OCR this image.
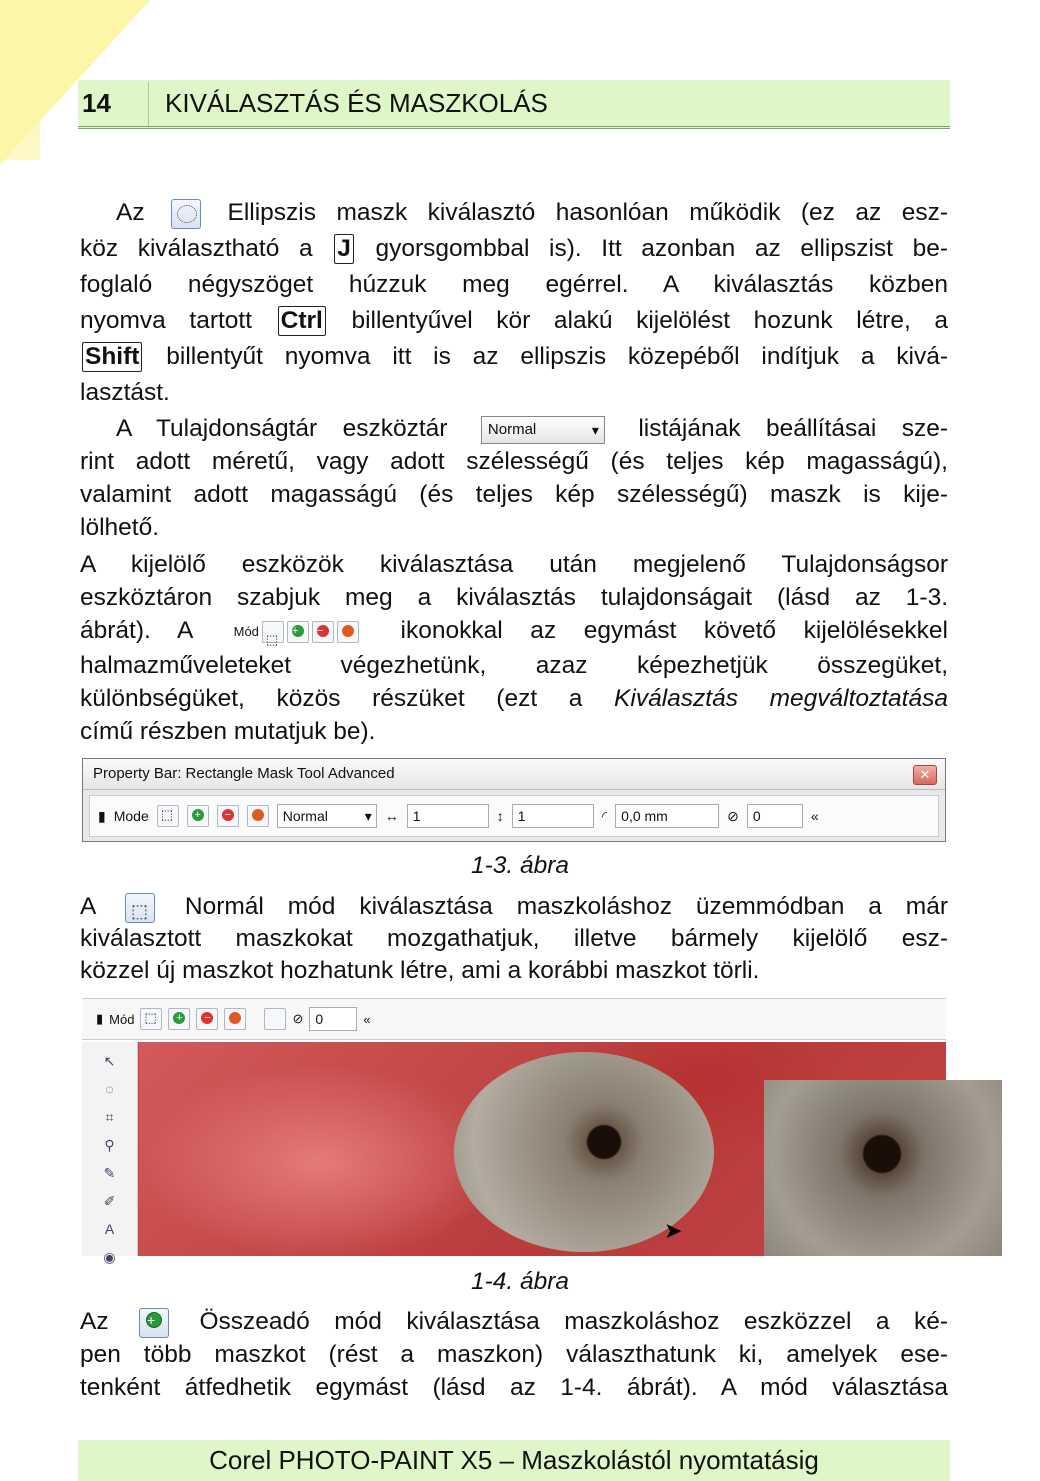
14 KIVÁLASZTÁS ÉS MASZKOLÁS
Az	Ellipszis maszk kiválasztó hasonlóan működik (ez az esz-
köz kiválasztható a J gyorsgombbal is). Itt azonban az ellipszist be-
foglaló négyszöget húzzuk meg egérrel. A kiválasztás közben
nyomva tartott Ctrl billentyűvel kör alakú kijelölést hozunk létre, a
Shift billentyűt nyomva itt is az ellipszis közepéből indítjuk a kivá-
lasztást.
A Tulajdonságtár eszköztár	Normal ▾	listájának beállításai sze-
rint adott méretű, vagy adott szélességű (és teljes kép magasságú),
valamint adott magasságú (és teljes kép szélességű) maszk is kije-
lölhető.
A kijelölő eszközök kiválasztása után megjelenő Tulajdonságsor
eszköztáron szabjuk meg a kiválasztás tulajdonságait (lásd az 1-3.
ábrát). A	Mód ⬚ + −	ikonokkal az egymást követő kijelölésekkel
halmazműveleteket végezhetünk, azaz képezhetjük összegüket,
különbségüket, közös részüket (ezt a Kiválasztás megváltoztatása
című részben mutatjuk be).
Property Bar: Rectangle Mask Tool Advanced	✕
▮ Mode ⬚ + −	Normal	▾ ↔	1	↕	1	◜	0,0 mm	⊘	0	«
1-3. ábra
A ⬚	Normál mód kiválasztása maszkoláshoz üzemmódban a már
kiválasztott maszkokat mozgathatjuk, illetve bármely kijelölő esz-
közzel új maszkot hozhatunk létre, ami a korábbi maszkot törli.
▮ Mód ⬚ + −	⊘ 0	«
↖
◌
⌗
⚲
✎
✐
A
◉
➤
1-4. ábra
Az +	Összeadó mód kiválasztása maszkoláshoz eszközzel a ké-
pen több maszkot (rést a maszkon) választhatunk ki, amelyek ese-
tenként átfedhetik egymást (lásd az 1-4. ábrát). A mód választása
Corel PHOTO-PAINT X5 – Maszkolástól nyomtatásig
